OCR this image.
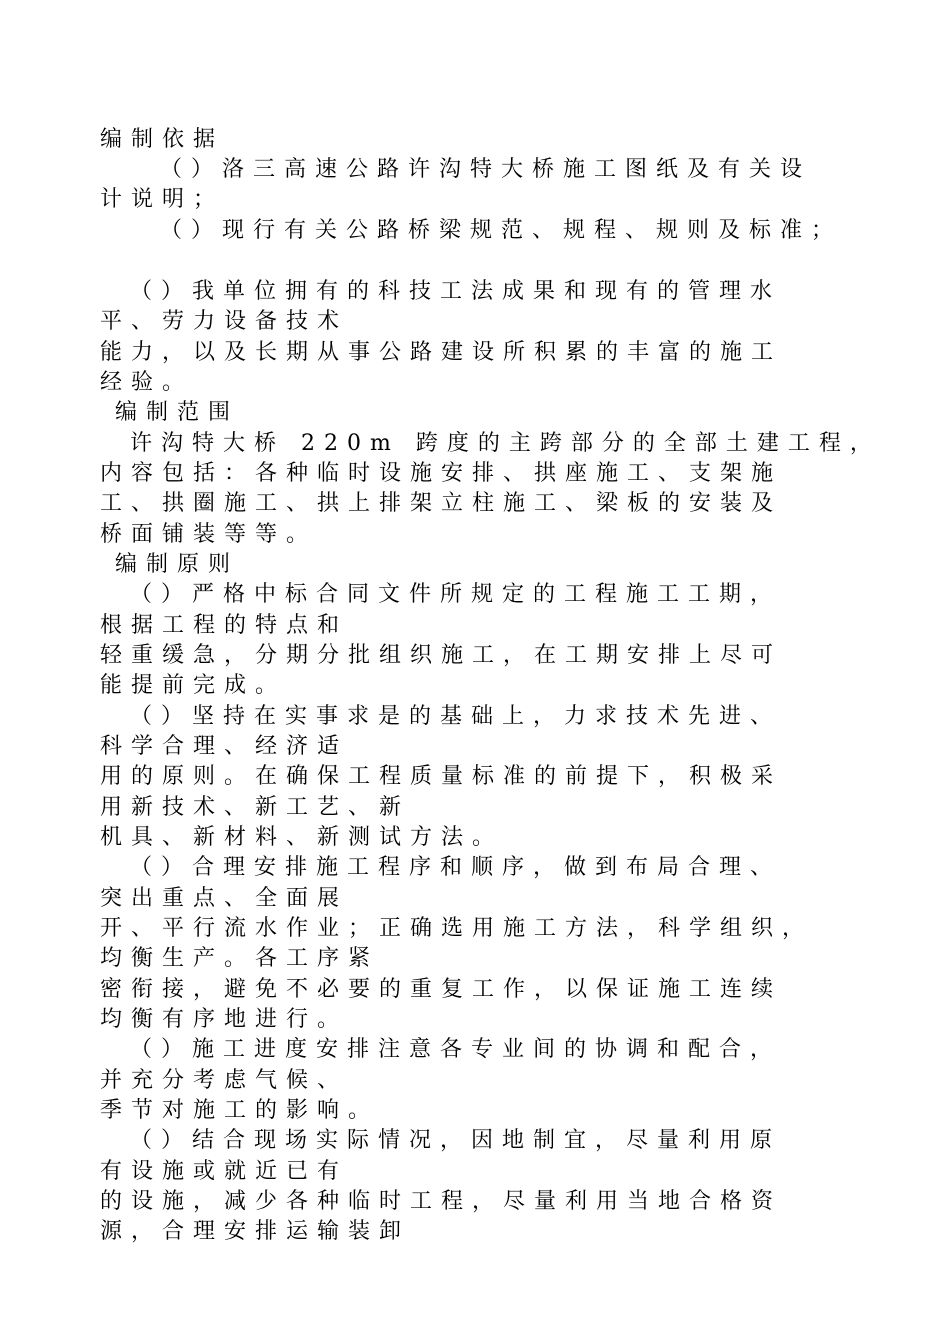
编制依据
（）洛三高速公路许沟特大桥施工图纸及有关设
计说明；
（）现行有关公路桥梁规范、规程、规则及标准；
（）我单位拥有的科技工法成果和现有的管理水
平、劳力设备技术
能力，以及长期从事公路建设所积累的丰富的施工
经验。
编制范围
许沟特大桥 220m 跨度的主跨部分的全部土建工程，
内容包括：各种临时设施安排、拱座施工、支架施
工、拱圈施工、拱上排架立柱施工、梁板的安装及
桥面铺装等等。
编制原则
（）严格中标合同文件所规定的工程施工工期，
根据工程的特点和
轻重缓急，分期分批组织施工，在工期安排上尽可
能提前完成。
（）坚持在实事求是的基础上，力求技术先进、
科学合理、经济适
用的原则。在确保工程质量标准的前提下，积极采
用新技术、新工艺、新
机具、新材料、新测试方法。
（）合理安排施工程序和顺序，做到布局合理、
突出重点、全面展
开、平行流水作业；正确选用施工方法，科学组织，
均衡生产。各工序紧
密衔接，避免不必要的重复工作，以保证施工连续
均衡有序地进行。
（）施工进度安排注意各专业间的协调和配合，
并充分考虑气候、
季节对施工的影响。
（）结合现场实际情况，因地制宜，尽量利用原
有设施或就近已有
的设施，减少各种临时工程，尽量利用当地合格资
源，合理安排运输装卸
